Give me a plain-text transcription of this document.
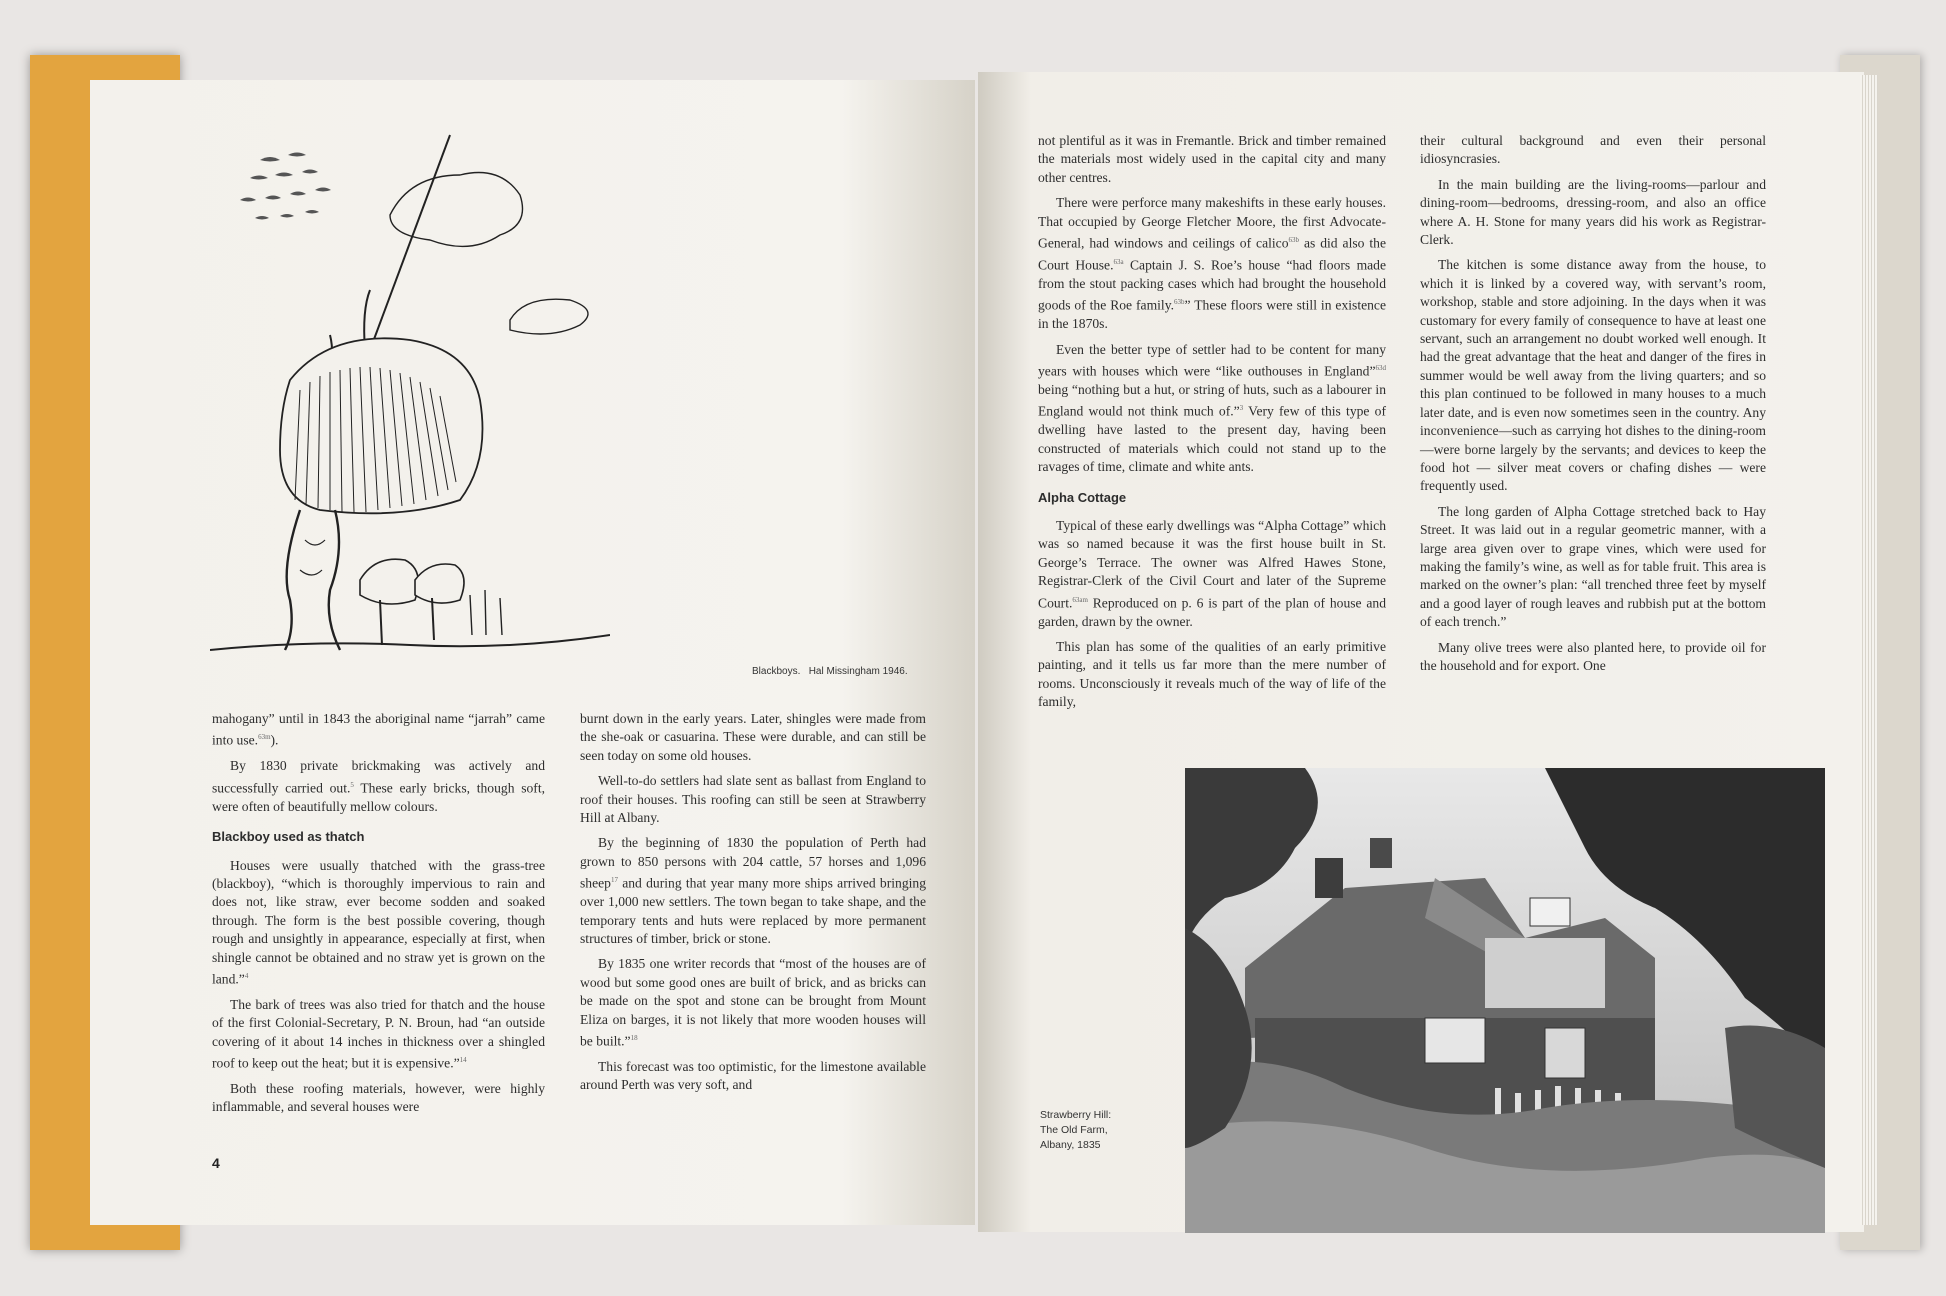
Blackboys. Hal Missingham 1946.

mahogany” until in 1843 the aboriginal name “jarrah” came into use.$^{63m}$).

By 1830 private brickmaking was actively and successfully carried out.$^5$ These early bricks, though soft, were often of beautifully mellow colours.

Blackboy used as thatch

Houses were usually thatched with the grass-tree (blackboy), “which is thoroughly impervious to rain and does not, like straw, ever become sodden and soaked through. The form is the best possible covering, though rough and unsightly in appearance, especially at first, when shingle cannot be obtained and no straw yet is grown on the land.”$^4$

The bark of trees was also tried for thatch and the house of the first Colonial-Secretary, P. N. Broun, had “an outside covering of it about 14 inches in thickness over a shingled roof to keep out the heat; but it is expensive.”$^{14}$

Both these roofing materials, however, were highly inflammable, and several houses were

burnt down in the early years. Later, shingles were made from the she-oak or casuarina. These were durable, and can still be seen today on some old houses.

Well-to-do settlers had slate sent as ballast from England to roof their houses. This roofing can still be seen at Strawberry Hill at Albany.

By the beginning of 1830 the population of Perth had grown to 850 persons with 204 cattle, 57 horses and 1,096 sheep$^{17}$ and during that year many more ships arrived bringing over 1,000 new settlers. The town began to take shape, and the temporary tents and huts were replaced by more permanent structures of timber, brick or stone.

By 1835 one writer records that “most of the houses are of wood but some good ones are built of brick, and as bricks can be made on the spot and stone can be brought from Mount Eliza on barges, it is not likely that more wooden houses will be built.”$^{18}$

This forecast was too optimistic, for the limestone available around Perth was very soft, and

4

not plentiful as it was in Fremantle. Brick and timber remained the materials most widely used in the capital city and many other centres.

There were perforce many makeshifts in these early houses. That occupied by George Fletcher Moore, the first Advocate-General, had windows and ceilings of calico$^{63b}$ as did also the Court House.$^{63a}$ Captain J. S. Roe’s house “had floors made from the stout packing cases which had brought the household goods of the Roe family.$^{63b}$” These floors were still in existence in the 1870s.

Even the better type of settler had to be content for many years with houses which were “like outhouses in England”$^{63d}$ being “nothing but a hut, or string of huts, such as a labourer in England would not think much of.”$^3$ Very few of this type of dwelling have lasted to the present day, having been constructed of materials which could not stand up to the ravages of time, climate and white ants.

Alpha Cottage

Typical of these early dwellings was “Alpha Cottage” which was so named because it was the first house built in St. George’s Terrace. The owner was Alfred Hawes Stone, Registrar-Clerk of the Civil Court and later of the Supreme Court.$^{63am}$ Reproduced on p. 6 is part of the plan of house and garden, drawn by the owner.

This plan has some of the qualities of an early primitive painting, and it tells us far more than the mere number of rooms. Unconsciously it reveals much of the way of life of the family,

their cultural background and even their personal idiosyncrasies.

In the main building are the living-rooms—parlour and dining-room—bedrooms, dressing-room, and also an office where A. H. Stone for many years did his work as Registrar-Clerk.

The kitchen is some distance away from the house, to which it is linked by a covered way, with servant’s room, workshop, stable and store adjoining. In the days when it was customary for every family of consequence to have at least one servant, such an arrangement no doubt worked well enough. It had the great advantage that the heat and danger of the fires in summer would be well away from the living quarters; and so this plan continued to be followed in many houses to a much later date, and is even now sometimes seen in the country. Any inconvenience—such as carrying hot dishes to the dining-room—were borne largely by the servants; and devices to keep the food hot — silver meat covers or chafing dishes — were frequently used.

The long garden of Alpha Cottage stretched back to Hay Street. It was laid out in a regular geometric manner, with a large area given over to grape vines, which were used for making the family’s wine, as well as for table fruit. This area is marked on the owner’s plan: “all trenched three feet by myself and a good layer of rough leaves and rubbish put at the bottom of each trench.”

Many olive trees were also planted here, to provide oil for the household and for export. One

Strawberry Hill:
The Old Farm,
Albany, 1835
